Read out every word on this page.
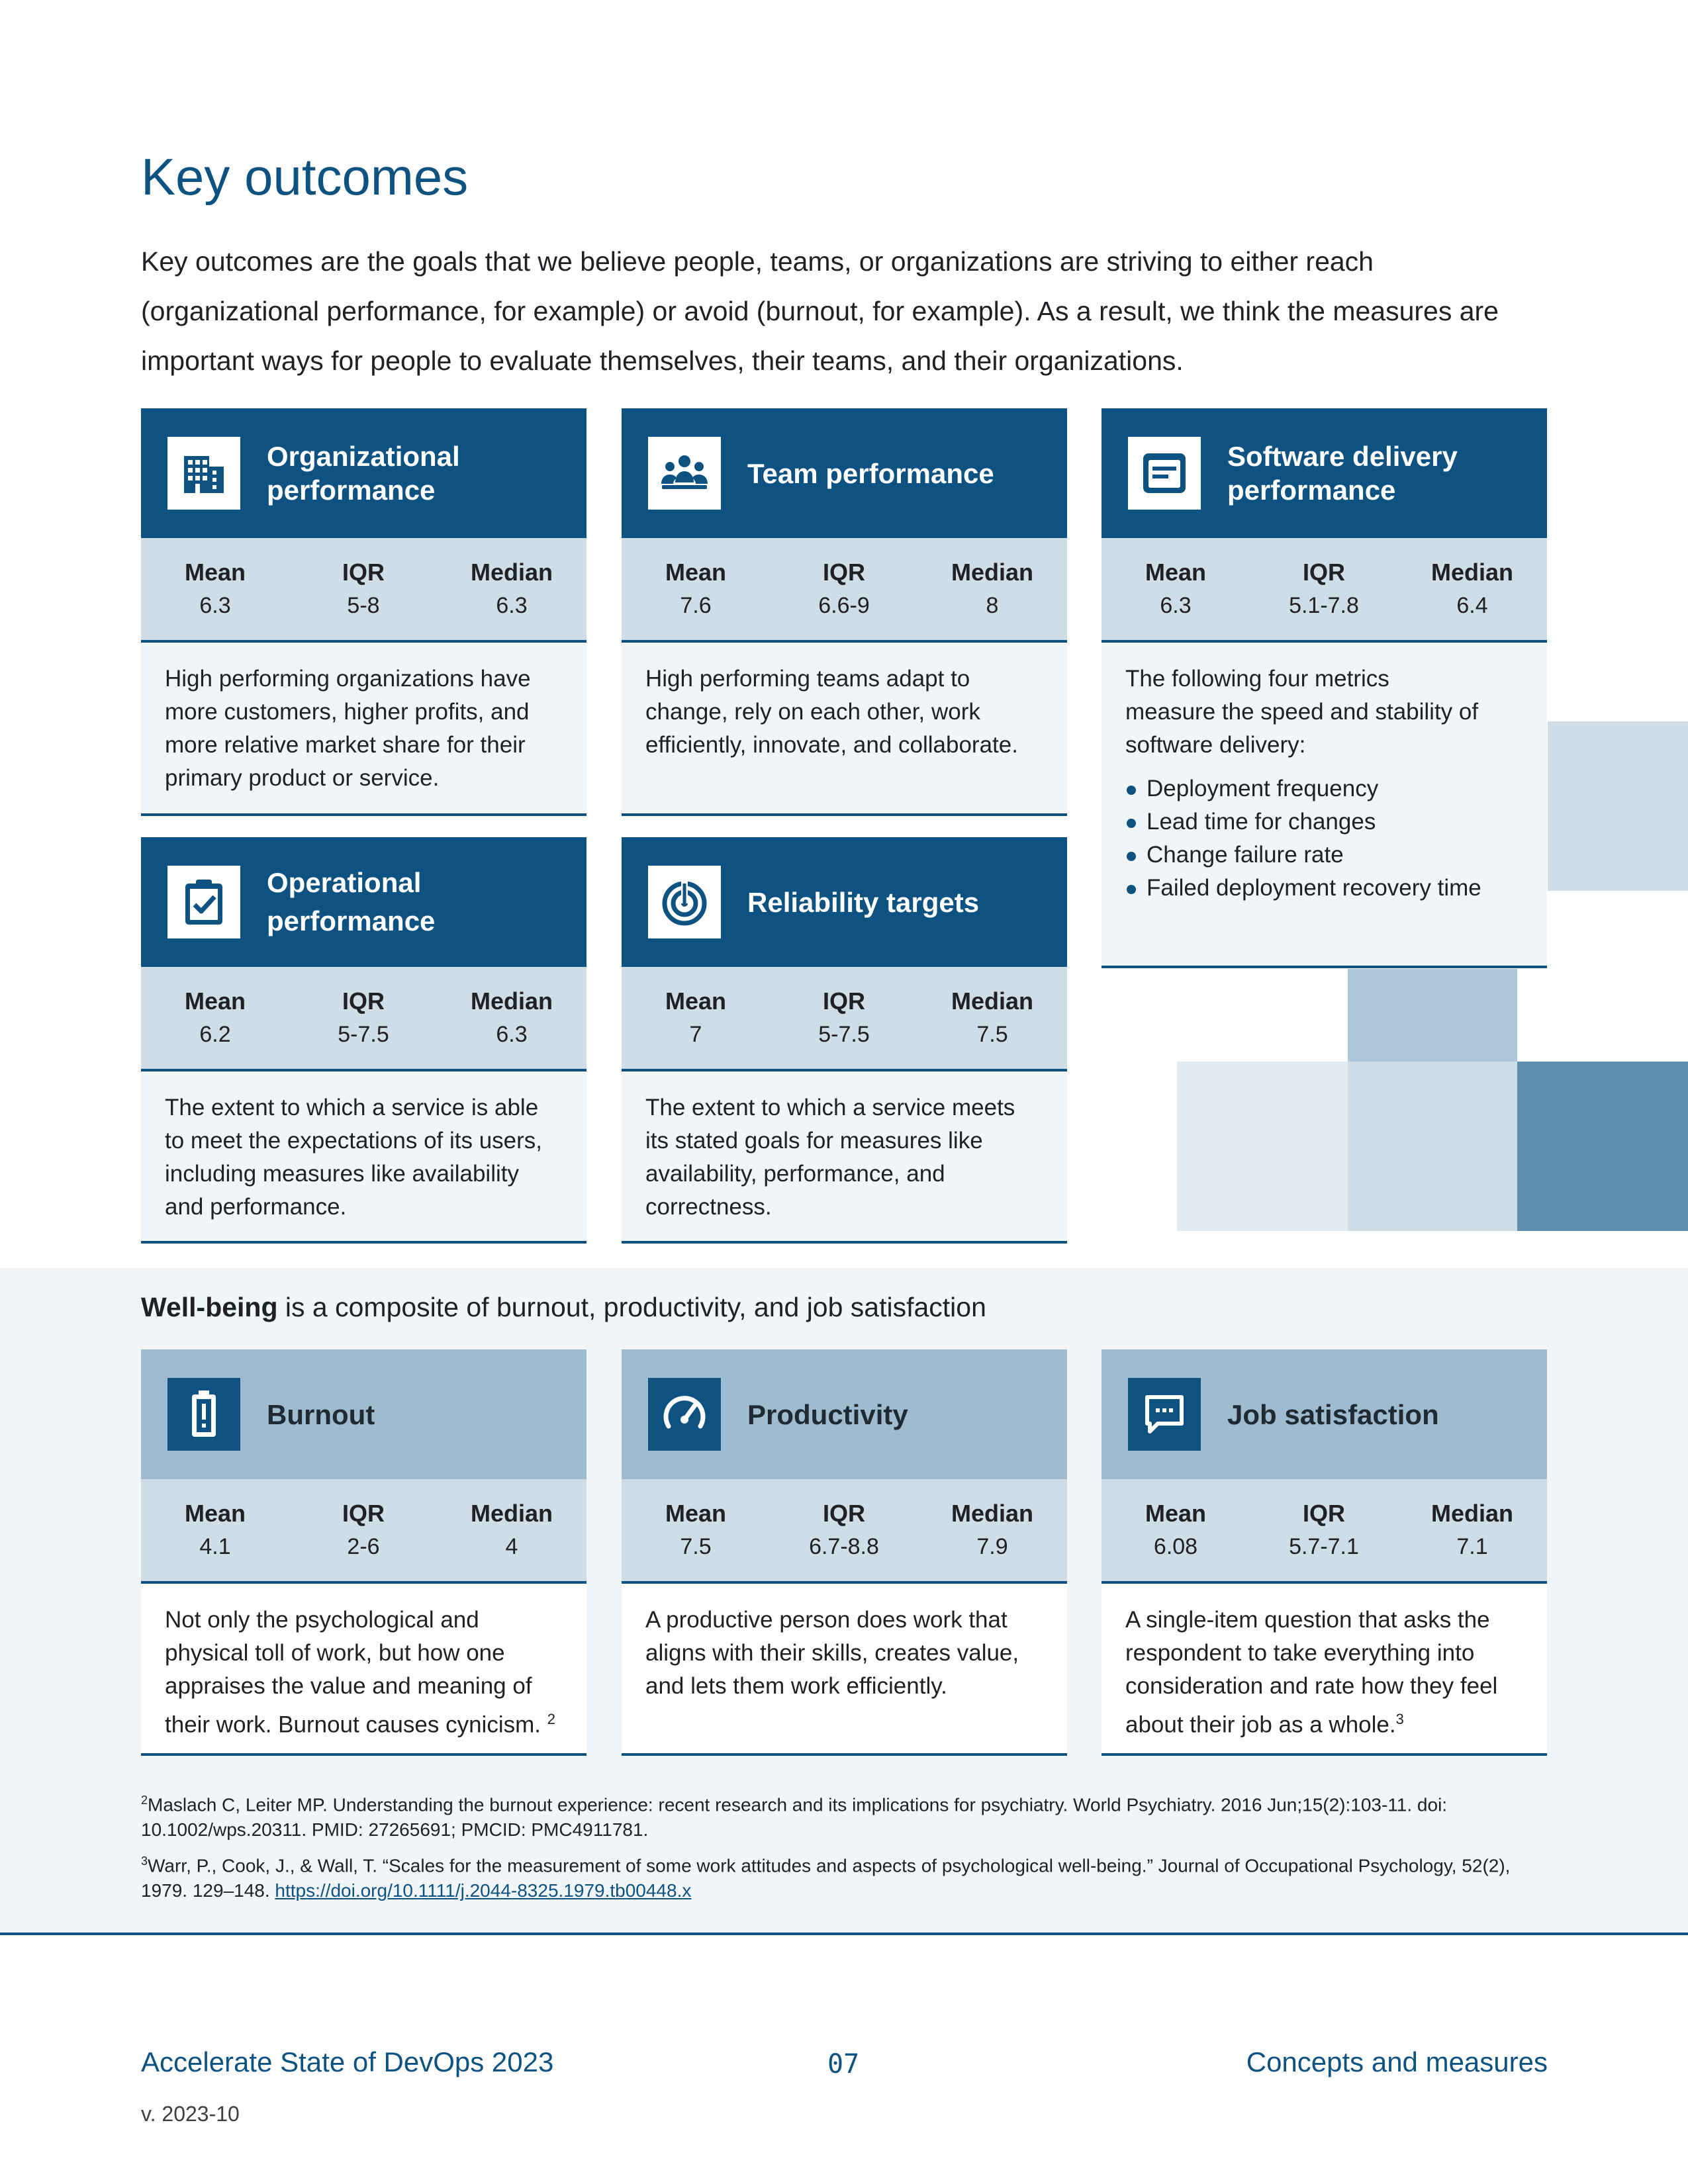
Key outcomes

Key outcomes are the goals that we believe people, teams, or organizations are striving to either reach (organizational performance, for example) or avoid (burnout, for example). As a result, we think the measures are important ways for people to evaluate themselves, their teams, and their organizations.

Organizational performance
Mean
6.3
IQR
5-8
Median
6.3
High performing organizations have more customers, higher profits, and more relative market share for their primary product or service.
Team performance
Mean
7.6
IQR
6.6-9
Median
8
High performing teams adapt to change, rely on each other, work efficiently, innovate, and collaborate.
Software delivery performance
Mean
6.3
IQR
5.1-7.8
Median
6.4
The following four metrics measure the speed and stability of software delivery:
Deployment frequency
Lead time for changes
Change failure rate
Failed deployment recovery time
Operational performance
Mean
6.2
IQR
5-7.5
Median
6.3
The extent to which a service is able to meet the expectations of its users, including measures like availability and performance.
Reliability targets
Mean
7
IQR
5-7.5
Median
7.5
The extent to which a service meets its stated goals for measures like availability, performance, and correctness.
Well-being is a composite of burnout, productivity, and job satisfaction
Burnout
Mean
4.1
IQR
2-6
Median
4
Not only the psychological and physical toll of work, but how one appraises the value and meaning of their work. Burnout causes cynicism. $^2$
Productivity
Mean
7.5
IQR
6.7-8.8
Median
7.9
A productive person does work that aligns with their skills, creates value, and lets them work efficiently.
Job satisfaction
Mean
6.08
IQR
5.7-7.1
Median
7.1
A single-item question that asks the respondent to take everything into consideration and rate how they feel about their job as a whole.$^3$
$^2$Maslach C, Leiter MP. Understanding the burnout experience: recent research and its implications for psychiatry. World Psychiatry. 2016 Jun;15(2):103-11. doi: 10.1002/wps.20311. PMID: 27265691; PMCID: PMC4911781.
$^3$Warr, P., Cook, J., & Wall, T. “Scales for the measurement of some work attitudes and aspects of psychological well-being.” Journal of Occupational Psychology, 52(2), 1979. 129–148. https://doi.org/10.1111/j.2044-8325.1979.tb00448.x
Accelerate State of DevOps 2023	07	Concepts and measures
v. 2023-10
